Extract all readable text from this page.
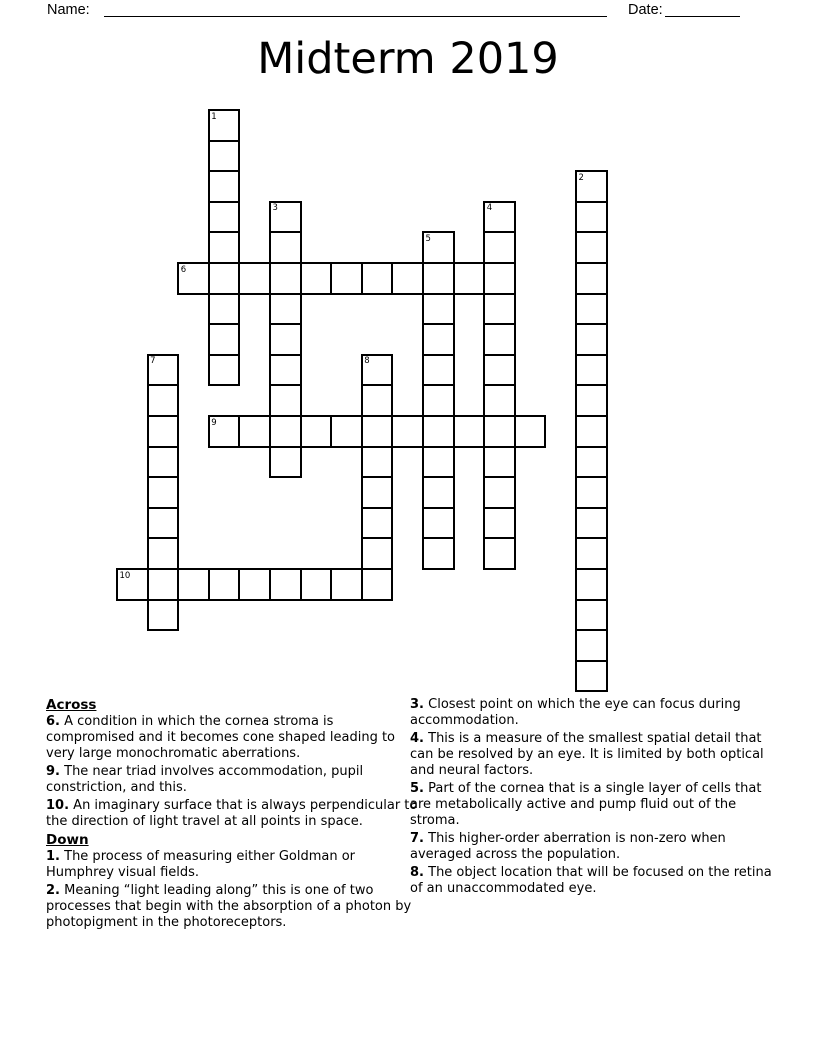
Name:	Date:
Midterm 2019
1
2
3	4
5
6
7	8
9
10
Across

6. A condition in which the cornea stroma is compromised and it becomes cone shaped leading to very large monochromatic aberrations.

9. The near triad involves accommodation, pupil constriction, and this.

10. An imaginary surface that is always perpendicular to the direction of light travel at all points in space.

Down

1. The process of measuring either Goldman or Humphrey visual fields.

2. Meaning “light leading along” this is one of two processes that begin with the absorption of a photon by photopigment in the photoreceptors.

3. Closest point on which the eye can focus during accommodation.

4. This is a measure of the smallest spatial detail that can be resolved by an eye. It is limited by both optical and neural factors.

5. Part of the cornea that is a single layer of cells that are metabolically active and pump fluid out of the stroma.

7. This higher-order aberration is non-zero when averaged across the population.

8. The object location that will be focused on the retina of an unaccommodated eye.
